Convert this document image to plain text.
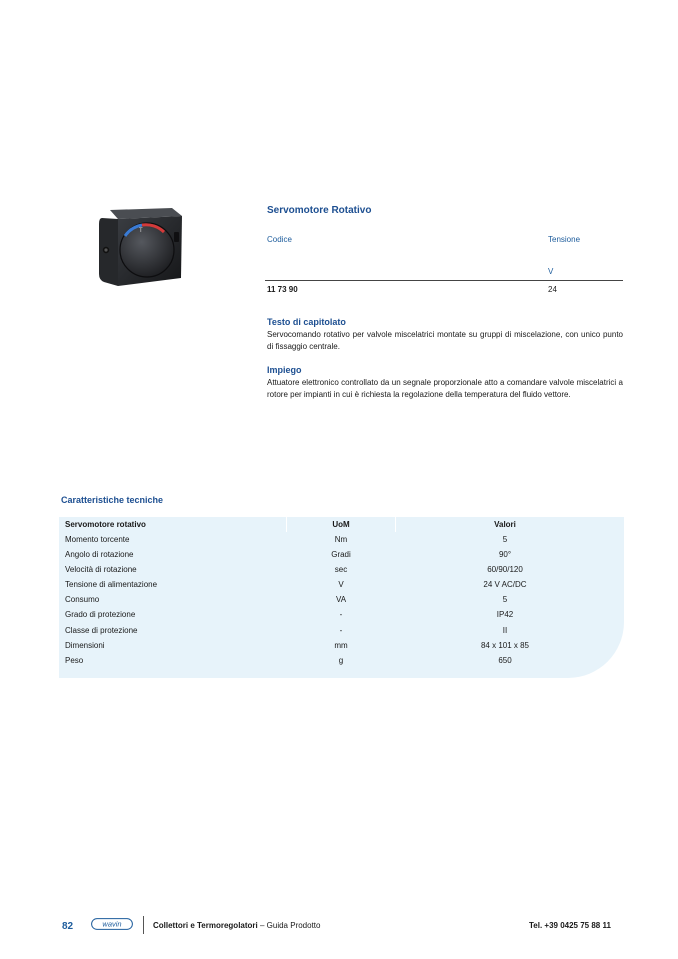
T
Servomotore Rotativo
Codice	Tensione
V
11 73 90	24
Testo di capitolato
Servocomando rotativo per valvole miscelatrici montate su gruppi di miscelazione, con unico punto di fissaggio centrale.
Impiego
Attuatore elettronico controllato da un segnale proporzionale atto a comandare valvole miscelatrici a rotore per impianti in cui è richiesta la regolazione della temperatura del fluido vettore.
Caratteristiche tecniche
Servomotore rotativo	UoM	Valori
Momento torcente	Nm	5
Angolo di rotazione	Gradi	90°
Velocità di rotazione	sec	60/90/120
Tensione di alimentazione	V	24 V AC/DC
Consumo	VA	5
Grado di protezione	-	IP42
Classe di protezione	-	II
Dimensioni	mm	84 x 101 x 85
Peso	g	650
82	wavin	Collettori e Termoregolatori – Guida Prodotto	Tel. +39 0425 75 88 11
